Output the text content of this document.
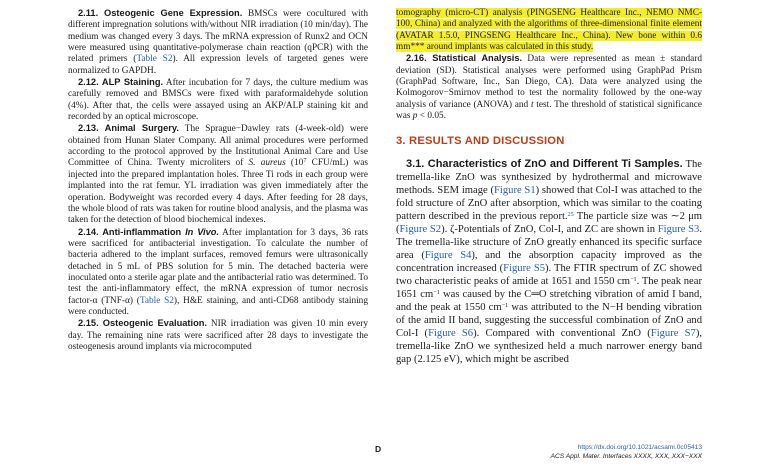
2.11. Osteogenic Gene Expression. BMSCs were cocultured with different impregnation solutions with/without NIR irradiation (10 min/day). The medium was changed every 3 days. The mRNA expression of Runx2 and OCN were measured using quantitative-polymerase chain reaction (qPCR) with the related primers (Table S2). All expression levels of targeted genes were normalized to GAPDH.

2.12. ALP Staining. After incubation for 7 days, the culture medium was carefully removed and BMSCs were fixed with paraformaldehyde solution (4%). After that, the cells were assayed using an AKP/ALP staining kit and recorded by an optical microscope.

2.13. Animal Surgery. The Sprague−Dawley rats (4-week-old) were obtained from Hunan Slater Company. All animal procedures were performed according to the protocol approved by the Institutional Animal Care and Use Committee of China. Twenty microliters of S. aureus ($10^7$ CFU/mL) was injected into the prepared implantation holes. Three Ti rods in each group were implanted into the rat femur. YL irradiation was given immediately after the operation. Bodyweight was recorded every 4 days. After feeding for 28 days, the whole blood of rats was taken for routine blood analysis, and the plasma was taken for the detection of blood biochemical indexes.

2.14. Anti-inflammation In Vivo. After implantation for 3 days, 36 rats were sacrificed for antibacterial investigation. To calculate the number of bacteria adhered to the implant surfaces, removed femurs were ultrasonically detached in 5 mL of PBS solution for 5 min. The detached bacteria were inoculated onto a sterile agar plate and the antibacterial ratio was determined. To test the anti-inflammatory effect, the mRNA expression of tumor necrosis factor-α (TNF-α) (Table S2), H&E staining, and anti-CD68 antibody staining were conducted.

2.15. Osteogenic Evaluation. NIR irradiation was given 10 min every day. The remaining nine rats were sacrificed after 28 days to investigate the osteogenesis around implants via microcomputed

tomography (micro-CT) analysis (PINGSENG Healthcare Inc., NEMO NMC-100, China) and analyzed with the algorithms of three-dimensional finite element (AVATAR 1.5.0, PINGSENG Healthcare Inc., China). New bone within 0.6 mm*** around implants was calculated in this study.

2.16. Statistical Analysis. Data were represented as mean ± standard deviation (SD). Statistical analyses were performed using GraphPad Prism (GraphPad Software, Inc., San Diego, CA). Data were analyzed using the Kolmogorov−Smirnov method to test the normality followed by the one-way analysis of variance (ANOVA) and t test. The threshold of statistical significance was p < 0.05.

3. RESULTS AND DISCUSSION

3.1. Characteristics of ZnO and Different Ti Samples. The tremella-like ZnO was synthesized by hydrothermal and microwave methods. SEM image (Figure S1) showed that Col-I was attached to the fold structure of ZnO after absorption, which was similar to the coating pattern described in the previous report.$^{25}$ The particle size was ∼2 μm (Figure S2). ζ-Potentials of ZnO, Col-I, and ZC are shown in Figure S3. The tremella-like structure of ZnO greatly enhanced its specific surface area (Figure S4), and the absorption capacity improved as the concentration increased (Figure S5). The FTIR spectrum of ZC showed two characteristic peaks of amide at 1651 and 1550 $cm^{-1}$. The peak near 1651 $cm^{-1}$ was caused by the C═O stretching vibration of amid I band, and the peak at 1550 $cm^{-1}$ was attributed to the N−H bending vibration of the amid II band, suggesting the successful combination of ZnO and Col-I (Figure S6). Compared with conventional ZnO (Figure S7), tremella-like ZnO we synthesized held a much narrower energy band gap (2.125 eV), which might be ascribed

D	https://dx.doi.org/10.1021/acsami.0c05413
ACS Appl. Mater. Interfaces XXXX, XXX, XXX−XXX
